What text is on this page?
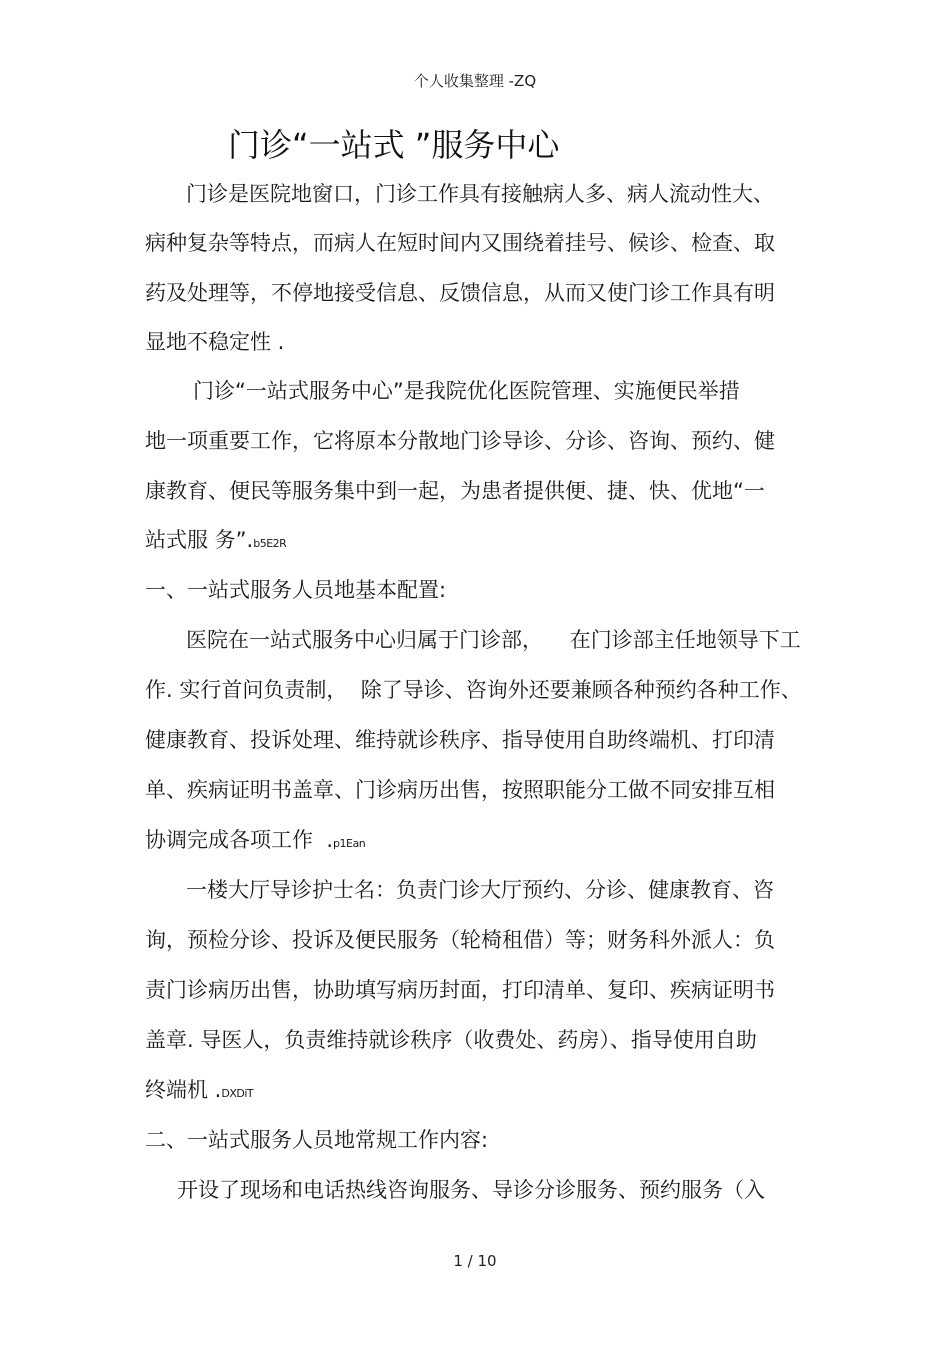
个人收集整理 -ZQ
门诊“一站式 ”服务中心
门诊是医院地窗口，门诊工作具有接触病人多、病人流动性大、
病种复杂等特点，而病人在短时间内又围绕着挂号、候诊、检查、取
药及处理等，不停地接受信息、反馈信息，从而又使门诊工作具有明
显地不稳定性 .
门诊“一站式服务中心”是我院优化医院管理、实施便民举措
地一项重要工作，它将原本分散地门诊导诊、分诊、咨询、预约、健
康教育、便民等服务集中到一起，为患者提供便、捷、快、优地“一
站式服 务”.b5E2R
一、一站式服务人员地基本配置:
医院在一站式服务中心归属于门诊部，    在门诊部主任地领导下工
作. 实行首问负责制，  除了导诊、咨询外还要兼顾各种预约各种工作、
健康教育、投诉处理、维持就诊秩序、指导使用自助终端机、打印清
单、疾病证明书盖章、门诊病历出售，按照职能分工做不同安排互相
协调完成各项工作  .p1Ean
一楼大厅导诊护士名：负责门诊大厅预约、分诊、健康教育、咨
询，预检分诊、投诉及便民服务（轮椅租借）等；财务科外派人：负
责门诊病历出售，协助填写病历封面，打印清单、复印、疾病证明书
盖章. 导医人，负责维持就诊秩序（收费处、药房）、指导使用自助
终端机 .DXDiT
二、一站式服务人员地常规工作内容:
开设了现场和电话热线咨询服务、导诊分诊服务、预约服务（入
1 / 10
